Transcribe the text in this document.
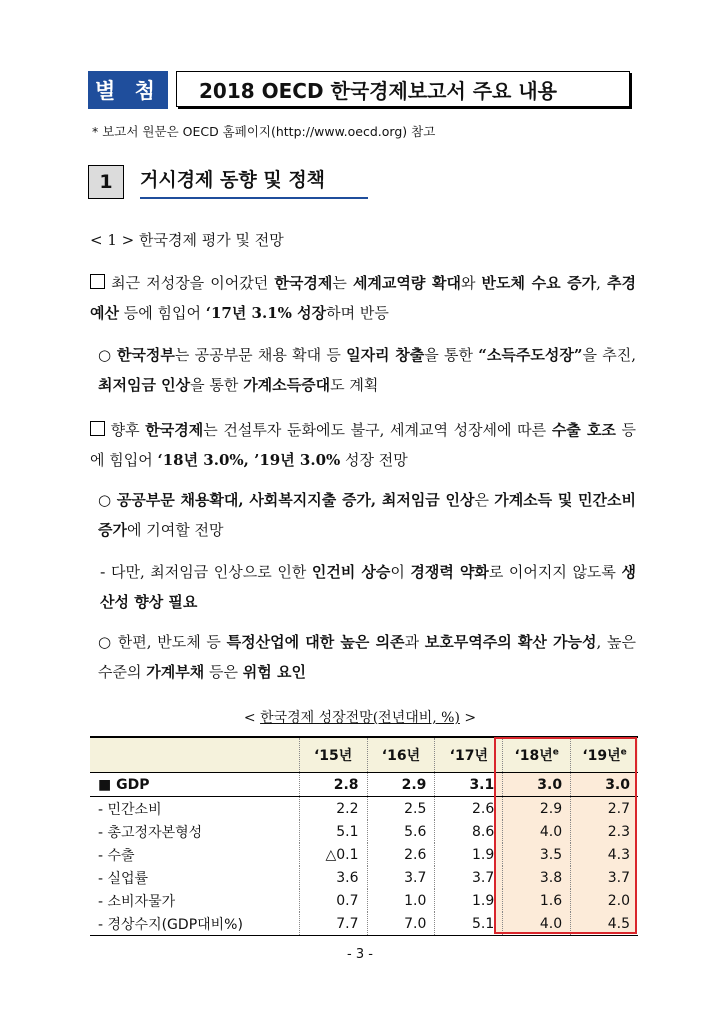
별 첨	2018 OECD 한국경제보고서 주요 내용
* 보고서 원문은 OECD 홈페이지(http://www.oecd.org) 참고
1	거시경제 동향 및 정책
< 1 > 한국경제 평가 및 전망
최근 저성장을 이어갔던 한국경제는 세계교역량 확대와 반도체 수요 증가, 추경예산 등에 힘입어 ‘17년 3.1% 성장하며 반등
○ 한국정부는 공공부문 채용 확대 등 일자리 창출을 통한 “소득주도성장”을 추진, 최저임금 인상을 통한 가계소득증대도 계획
향후 한국경제는 건설투자 둔화에도 불구, 세계교역 성장세에 따른 수출 호조 등에 힘입어 ‘18년 3.0%, ’19년 3.0% 성장 전망
○ 공공부문 채용확대, 사회복지지출 증가, 최저임금 인상은 가계소득 및 민간소비 증가에 기여할 전망
- 다만, 최저임금 인상으로 인한 인건비 상승이 경쟁력 약화로 이어지지 않도록 생산성 향상 필요
○ 한편, 반도체 등 특정산업에 대한 높은 의존과 보호무역주의 확산 가능성, 높은 수준의 가계부채 등은 위험 요인
< 한국경제 성장전망(전년대비, %) >
	‘15년	‘16년	‘17년	‘18년$^e$	‘19년$^e$
■ GDP	2.8	2.9	3.1	3.0	3.0
- 민간소비	2.2	2.5	2.6	2.9	2.7
- 총고정자본형성	5.1	5.6	8.6	4.0	2.3
- 수출	△0.1	2.6	1.9	3.5	4.3
- 실업률	3.6	3.7	3.7	3.8	3.7
- 소비자물가	0.7	1.0	1.9	1.6	2.0
- 경상수지(GDP대비%)	7.7	7.0	5.1	4.0	4.5
- 3 -
